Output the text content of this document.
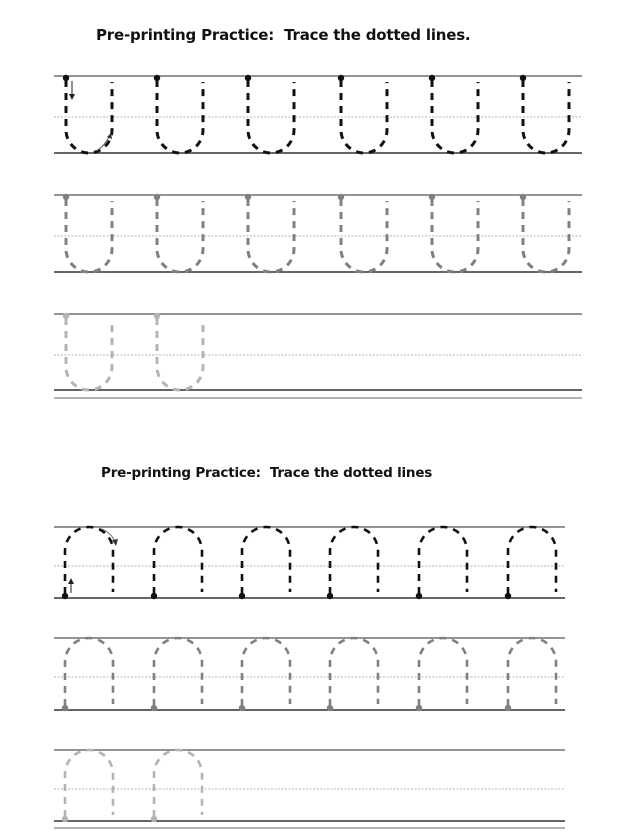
Pre-printing Practice:  Trace the dotted lines.
Pre-printing Practice:  Trace the dotted lines
